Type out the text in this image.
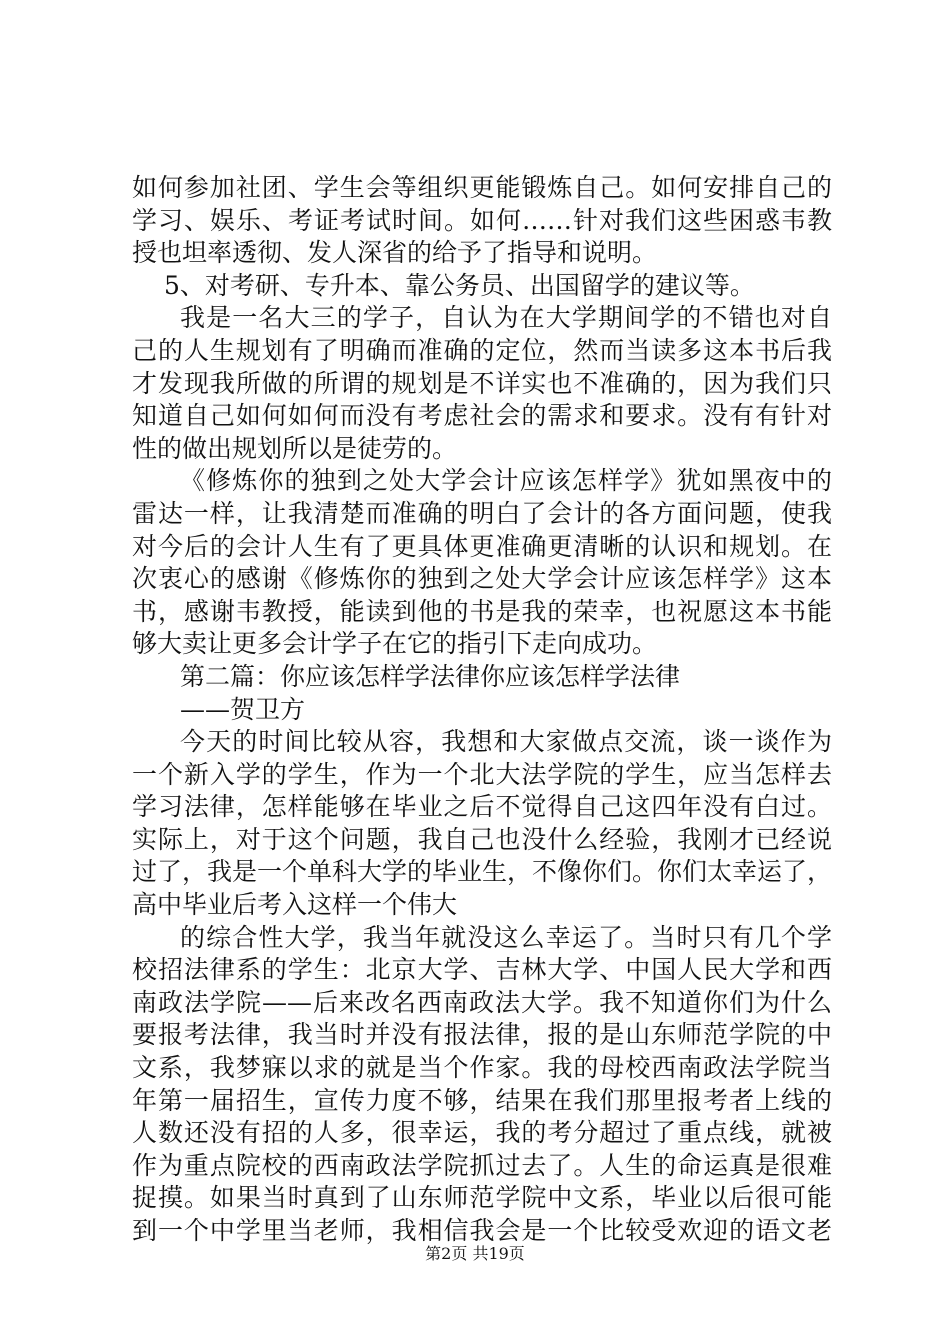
如何参加社团、学生会等组织更能锻炼自己。如何安排自己的
学习、娱乐、考证考试时间。如何……针对我们这些困惑韦教
授也坦率透彻、发人深省的给予了指导和说明。
5、对考研、专升本、靠公务员、出国留学的建议等。
我是一名大三的学子，自认为在大学期间学的不错也对自
己的人生规划有了明确而准确的定位，然而当读多这本书后我
才发现我所做的所谓的规划是不详实也不准确的，因为我们只
知道自己如何如何而没有考虑社会的需求和要求。没有有针对
性的做出规划所以是徒劳的。
《修炼你的独到之处大学会计应该怎样学》犹如黑夜中的
雷达一样，让我清楚而准确的明白了会计的各方面问题，使我
对今后的会计人生有了更具体更准确更清晰的认识和规划。在
次衷心的感谢《修炼你的独到之处大学会计应该怎样学》这本
书，感谢韦教授，能读到他的书是我的荣幸，也祝愿这本书能
够大卖让更多会计学子在它的指引下走向成功。
第二篇：你应该怎样学法律你应该怎样学法律
——贺卫方
今天的时间比较从容，我想和大家做点交流，谈一谈作为
一个新入学的学生，作为一个北大法学院的学生，应当怎样去
学习法律，怎样能够在毕业之后不觉得自己这四年没有白过。
实际上，对于这个问题，我自己也没什么经验，我刚才已经说
过了，我是一个单科大学的毕业生，不像你们。你们太幸运了，
高中毕业后考入这样一个伟大
的综合性大学，我当年就没这么幸运了。当时只有几个学
校招法律系的学生：北京大学、吉林大学、中国人民大学和西
南政法学院——后来改名西南政法大学。我不知道你们为什么
要报考法律，我当时并没有报法律，报的是山东师范学院的中
文系，我梦寐以求的就是当个作家。我的母校西南政法学院当
年第一届招生，宣传力度不够，结果在我们那里报考者上线的
人数还没有招的人多，很幸运，我的考分超过了重点线，就被
作为重点院校的西南政法学院抓过去了。人生的命运真是很难
捉摸。如果当时真到了山东师范学院中文系，毕业以后很可能
到一个中学里当老师，我相信我会是一个比较受欢迎的语文老
第2页 共19页
